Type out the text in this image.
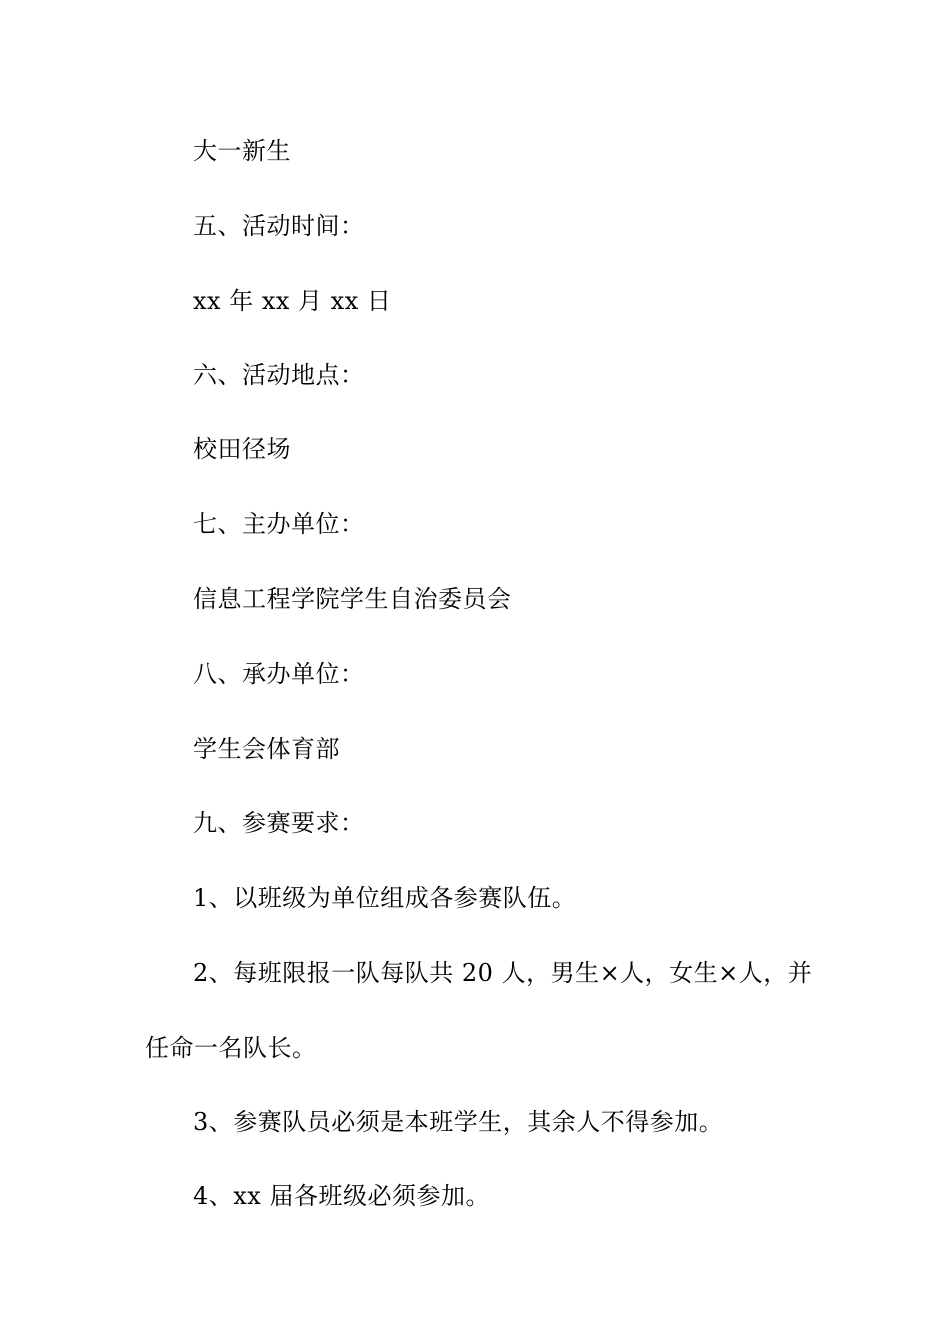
大一新生
五、活动时间：
xx 年 xx 月 xx 日
六、活动地点：
校田径场
七、主办单位：
信息工程学院学生自治委员会
八、承办单位：
学生会体育部
九、参赛要求：
1、以班级为单位组成各参赛队伍。
2、每班限报一队每队共 20 人，男生×人，女生×人，并
任命一名队长。
3、参赛队员必须是本班学生，其余人不得参加。
4、xx 届各班级必须参加。
